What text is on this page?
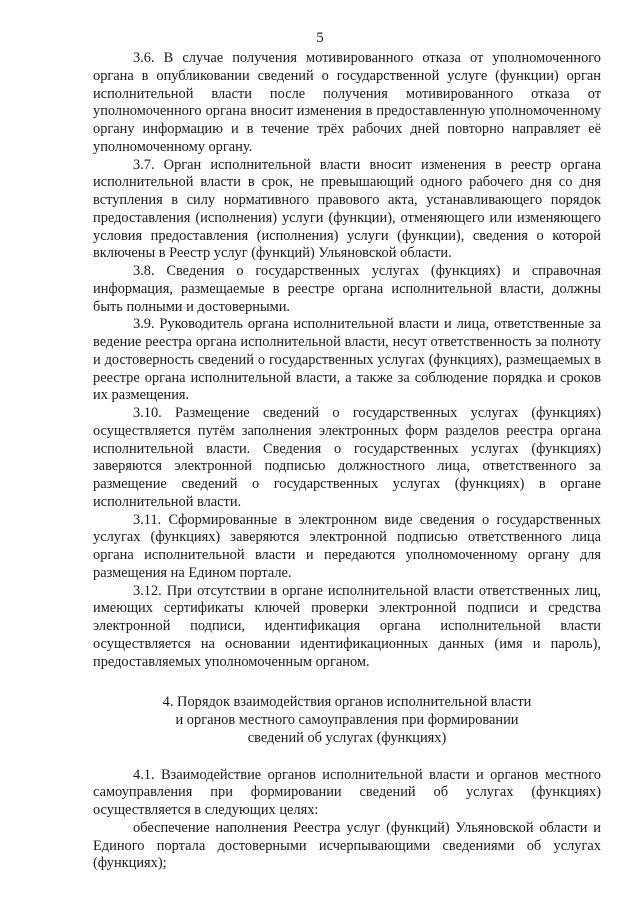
5

3.6. В случае получения мотивированного отказа от уполномоченного органа в опубликовании сведений о государственной услуге (функции) орган исполнительной власти после получения мотивированного отказа от уполномоченного органа вносит изменения в предоставленную уполномоченному органу информацию и в течение трёх рабочих дней повторно направляет её уполномоченному органу.

3.7. Орган исполнительной власти вносит изменения в реестр органа исполнительной власти в срок, не превышающий одного рабочего дня со дня вступления в силу нормативного правового акта, устанавливающего порядок предоставления (исполнения) услуги (функции), отменяющего или изменяющего условия предоставления (исполнения) услуги (функции), сведения о которой включены в Реестр услуг (функций) Ульяновской области.

3.8. Сведения о государственных услугах (функциях) и справочная информация, размещаемые в реестре органа исполнительной власти, должны быть полными и достоверными.

3.9. Руководитель органа исполнительной власти и лица, ответственные за ведение реестра органа исполнительной власти, несут ответственность за полноту и достоверность сведений о государственных услугах (функциях), размещаемых в реестре органа исполнительной власти, а также за соблюдение порядка и сроков их размещения.

3.10. Размещение сведений о государственных услугах (функциях) осуществляется путём заполнения электронных форм разделов реестра органа исполнительной власти. Сведения о государственных услугах (функциях) заверяются электронной подписью должностного лица, ответственного за размещение сведений о государственных услугах (функциях) в органе исполнительной власти.

3.11. Сформированные в электронном виде сведения о государственных услугах (функциях) заверяются электронной подписью ответственного лица органа исполнительной власти и передаются уполномоченному органу для размещения на Едином портале.

3.12. При отсутствии в органе исполнительной власти ответственных лиц, имеющих сертификаты ключей проверки электронной подписи и средства электронной подписи, идентификация органа исполнительной власти осуществляется на основании идентификационных данных (имя и пароль), предоставляемых уполномоченным органом.

4. Порядок взаимодействия органов исполнительной власти
и органов местного самоуправления при формировании
сведений об услугах (функциях)

4.1. Взаимодействие органов исполнительной власти и органов местного самоуправления при формировании сведений об услугах (функциях) осуществляется в следующих целях:

обеспечение наполнения Реестра услуг (функций) Ульяновской области и Единого портала достоверными исчерпывающими сведениями об услугах (функциях);
